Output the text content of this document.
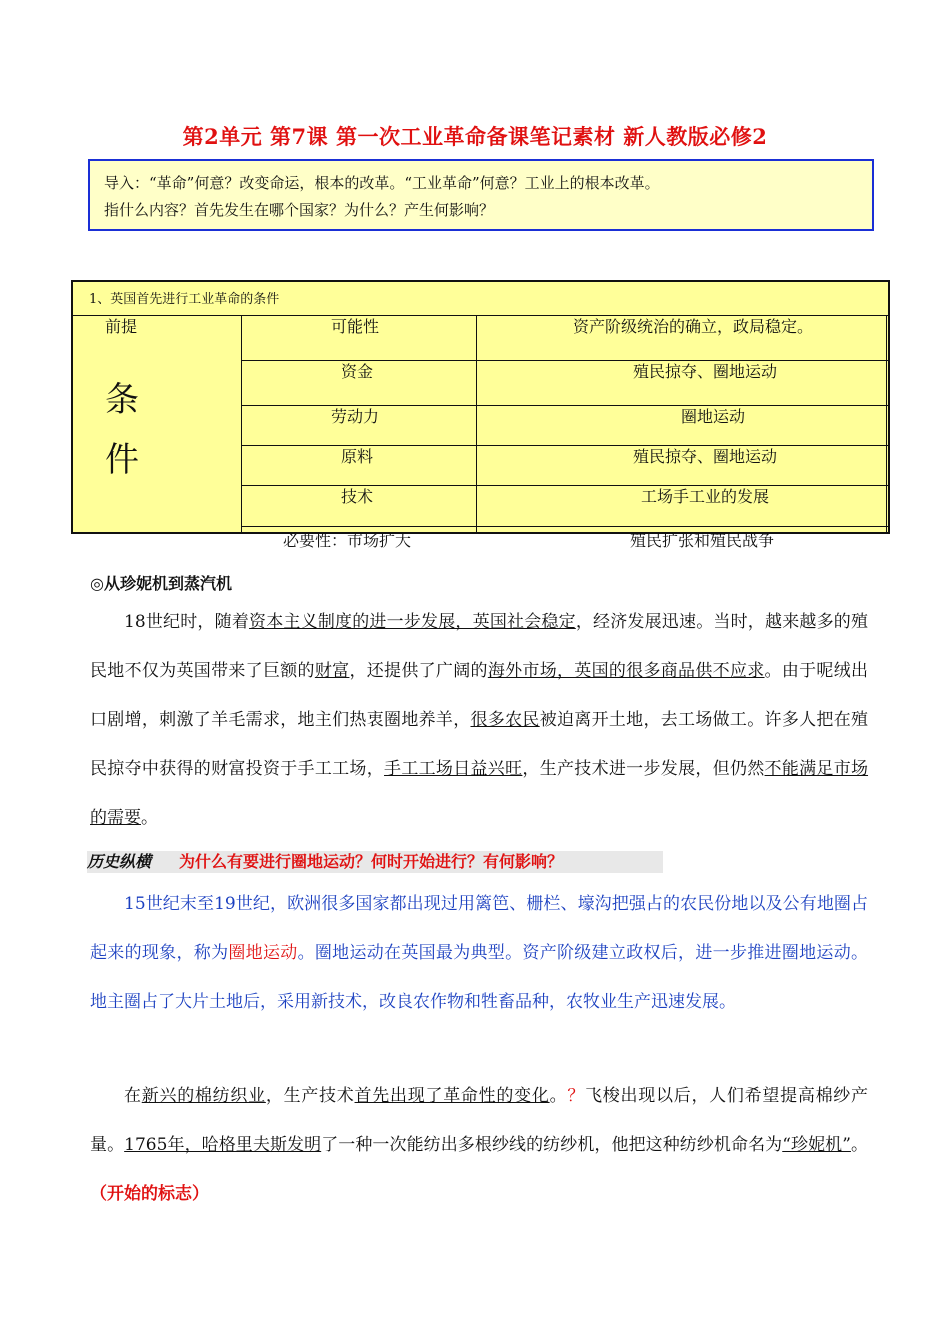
第2单元 第7课 第一次工业革命备课笔记素材 新人教版必修2

导入：“革命”何意？改变命运，根本的改革。“工业革命”何意？工业上的根本改革。

指什么内容？首先发生在哪个国家？为什么？产生何影响？

1、英国首先进行工业革命的条件
前提	可能性	资产阶级统治的确立，政局稳定。
条
件
资金	殖民掠夺、圈地运动
劳动力	圈地运动
原料	殖民掠夺、圈地运动
技术	工场手工业的发展
必要性：市场扩大	殖民扩张和殖民战争
◎从珍妮机到蒸汽机

18世纪时，随着资本主义制度的进一步发展，英国社会稳定，经济发展迅速。当时，越来越多的殖民地不仅为英国带来了巨额的财富，还提供了广阔的海外市场，英国的很多商品供不应求。由于呢绒出口剧增，刺激了羊毛需求，地主们热衷圈地养羊，很多农民被迫离开土地，去工场做工。许多人把在殖民掠夺中获得的财富投资于手工工场，手工工场日益兴旺，生产技术进一步发展，但仍然不能满足市场的需要。

历史纵横 为什么有要进行圈地运动？何时开始进行？有何影响？

15世纪末至19世纪，欧洲很多国家都出现过用篱笆、栅栏、壕沟把强占的农民份地以及公有地圈占起来的现象，称为圈地运动。圈地运动在英国最为典型。资产阶级建立政权后，进一步推进圈地运动。地主圈占了大片土地后，采用新技术，改良农作物和牲畜品种，农牧业生产迅速发展。

在新兴的棉纺织业，生产技术首先出现了革命性的变化。？飞梭出现以后，人们希望提高棉纱产量。1765年，哈格里夫斯发明了一种一次能纺出多根纱线的纺纱机，他把这种纺纱机命名为“珍妮机”。（开始的标志）
